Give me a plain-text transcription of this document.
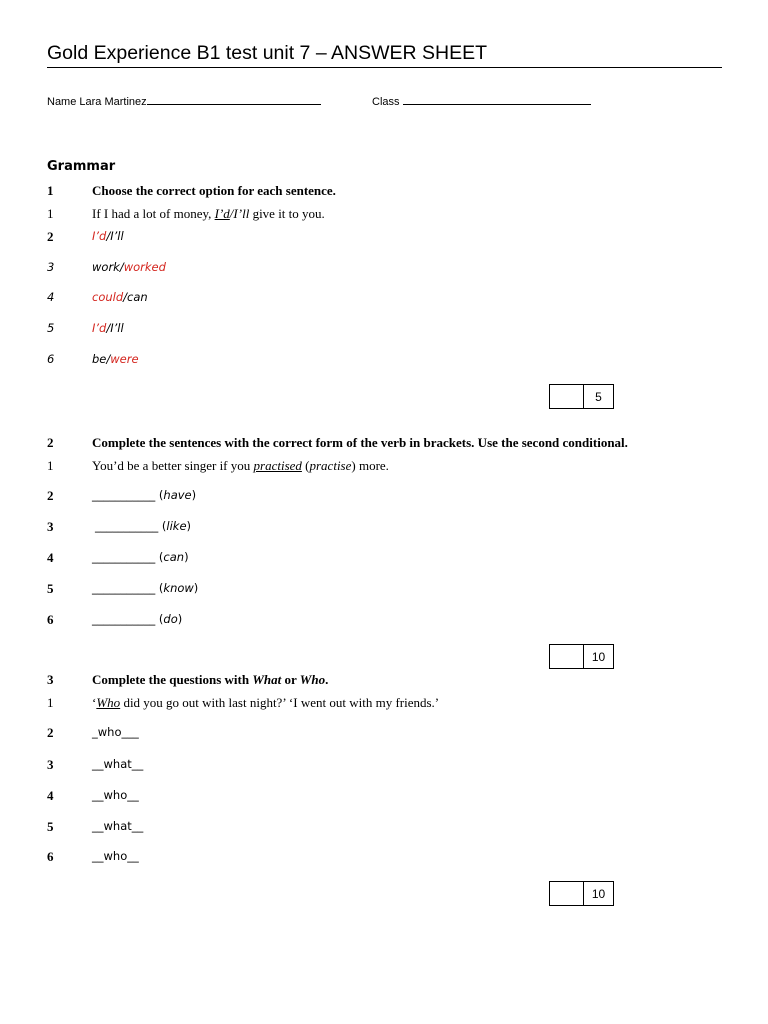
Gold Experience B1 test unit 7 – ANSWER SHEET
Name Lara Martinez	Class
Grammar
1	Choose the correct option for each sentence.
1	If I had a lot of money, I’d/I’ll give it to you.
2	I’d/I’ll
3	work/worked
4	could/can
5	I’d/I’ll
6	be/were
5
2	Complete the sentences with the correct form of the verb in brackets. Use the second conditional.
1	You’d be a better singer if you practised (practise) more.
2	___________ (have)
3	___________ (like)
4	___________ (can)
5	___________ (know)
6	___________ (do)
10
3	Complete the questions with What or Who.
1	‘Who did you go out with last night?’ ‘I went out with my friends.’
2	_who___
3	__what__
4	__who__
5	__what__
6	__who__
10
